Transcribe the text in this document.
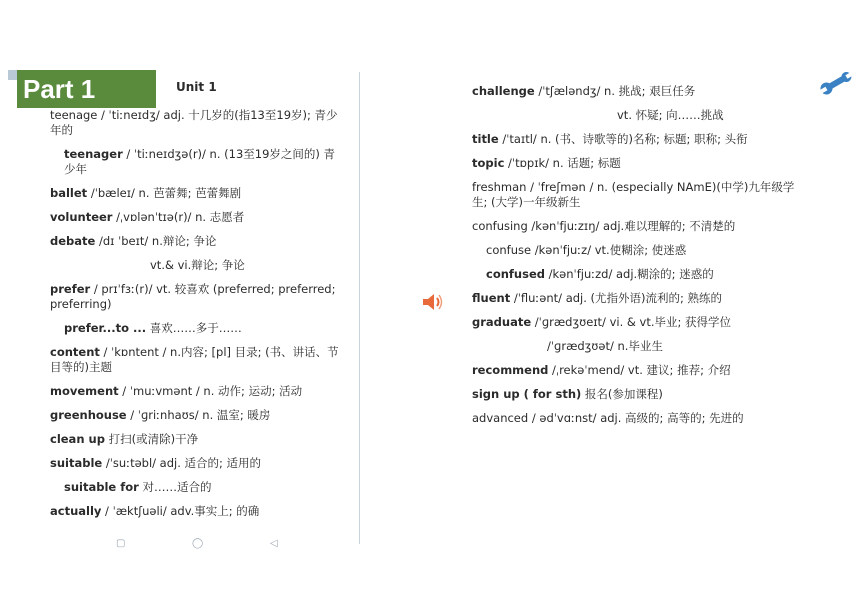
Part 1	Unit 1
teenage / ˈtiːneɪdʒ/ adj. 十几岁的(指13至19岁); 青少年的
teenager / ˈtiːneɪdʒə(r)/ n. (13至19岁之间的) 青少年
ballet /ˈbæleɪ/ n. 芭蕾舞; 芭蕾舞剧
volunteer /ˌvɒlənˈtɪə(r)/ n. 志愿者
debate /dɪ ˈbeɪt/ n.辩论; 争论
vt.& vi.辩论; 争论
prefer / prɪˈfɜː(r)/ vt. 较喜欢 (preferred; preferred; preferring)
prefer...to ... 喜欢……多于……
content / ˈkɒntent / n.内容; [pl] 目录; (书、讲话、节目等的)主题
movement / ˈmuːvmənt / n. 动作; 运动; 活动
greenhouse / ˈɡriːnhaʊs/ n. 温室; 暖房
clean up 打扫(或清除)干净
suitable /ˈsuːtəbl/ adj. 适合的; 适用的
suitable for 对……适合的
actually / ˈæktʃuəli/ adv.事实上; 的确
challenge /ˈtʃæləndʒ/ n. 挑战; 艰巨任务
vt. 怀疑; 向……挑战
title /ˈtaɪtl/ n. (书、诗歌等的)名称; 标题; 职称; 头衔
topic /ˈtɒpɪk/ n. 话题; 标题
freshman / ˈfreʃmən / n. (especially NAmE)(中学)九年级学生; (大学)一年级新生
confusing /kənˈfjuːzɪŋ/ adj.难以理解的; 不清楚的
confuse /kənˈfjuːz/ vt.使糊涂; 使迷惑
confused /kənˈfjuːzd/ adj.糊涂的; 迷惑的
fluent /ˈfluːənt/ adj. (尤指外语)流利的; 熟练的
graduate /ˈɡrædʒʊeɪt/ vi. & vt.毕业; 获得学位
/ˈɡrædʒʊət/ n.毕业生
recommend /ˌrekəˈmend/ vt. 建议; 推荐; 介绍
sign up ( for sth) 报名(参加课程)
advanced / ədˈvɑːnst/ adj. 高级的; 高等的; 先进的
▢	◯	◁
